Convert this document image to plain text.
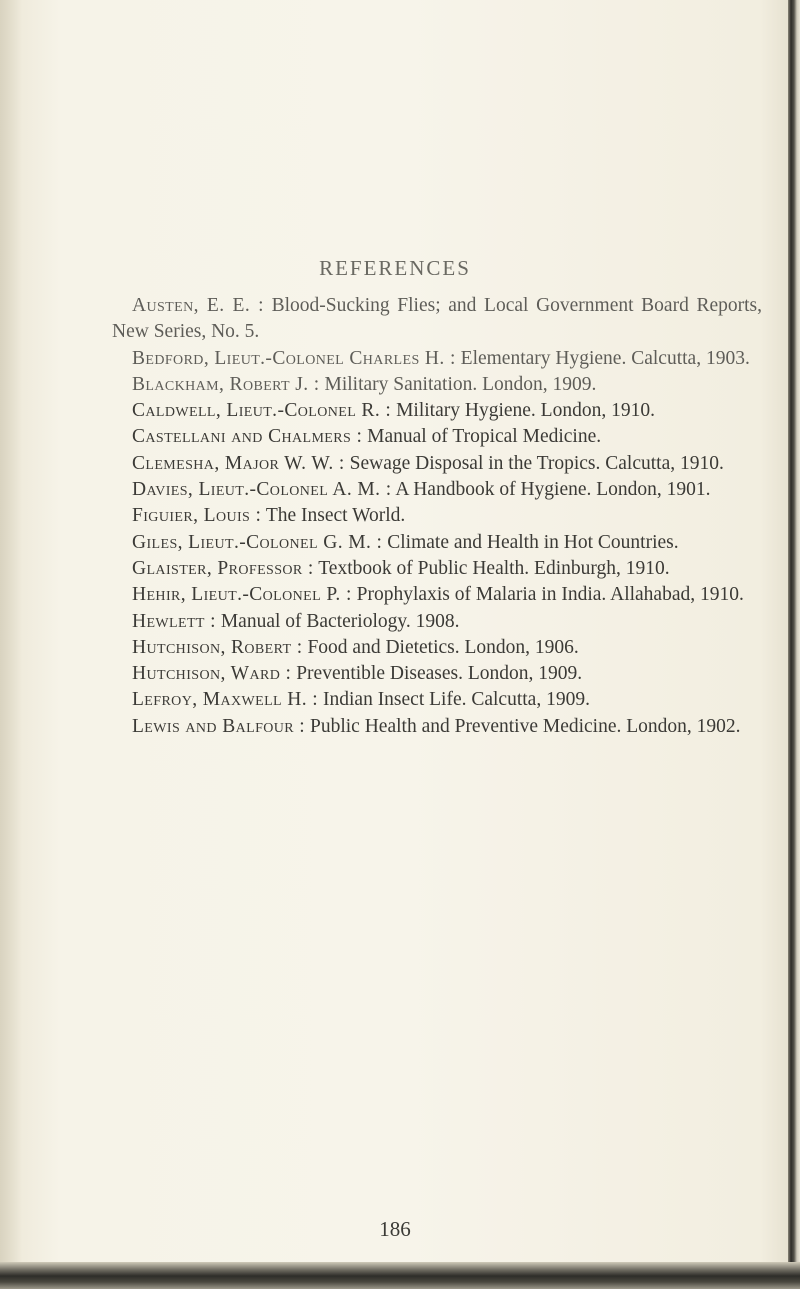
REFERENCES

Austen, E. E. : Blood-Sucking Flies; and Local Government Board Reports, New Series, No. 5.

Bedford, Lieut.-Colonel Charles H. : Elementary Hygiene. Calcutta, 1903.

Blackham, Robert J. : Military Sanitation. London, 1909.

Caldwell, Lieut.-Colonel R. : Military Hygiene. London, 1910.

Castellani and Chalmers : Manual of Tropical Medicine.

Clemesha, Major W. W. : Sewage Disposal in the Tropics. Calcutta, 1910.

Davies, Lieut.-Colonel A. M. : A Handbook of Hygiene. London, 1901.

Figuier, Louis : The Insect World.

Giles, Lieut.-Colonel G. M. : Climate and Health in Hot Countries.

Glaister, Professor : Textbook of Public Health. Edinburgh, 1910.

Hehir, Lieut.-Colonel P. : Prophylaxis of Malaria in India. Allahabad, 1910.

Hewlett : Manual of Bacteriology. 1908.

Hutchison, Robert : Food and Dietetics. London, 1906.

Hutchison, Ward : Preventible Diseases. London, 1909.

Lefroy, Maxwell H. : Indian Insect Life. Calcutta, 1909.

Lewis and Balfour : Public Health and Preventive Medicine. London, 1902.

186
